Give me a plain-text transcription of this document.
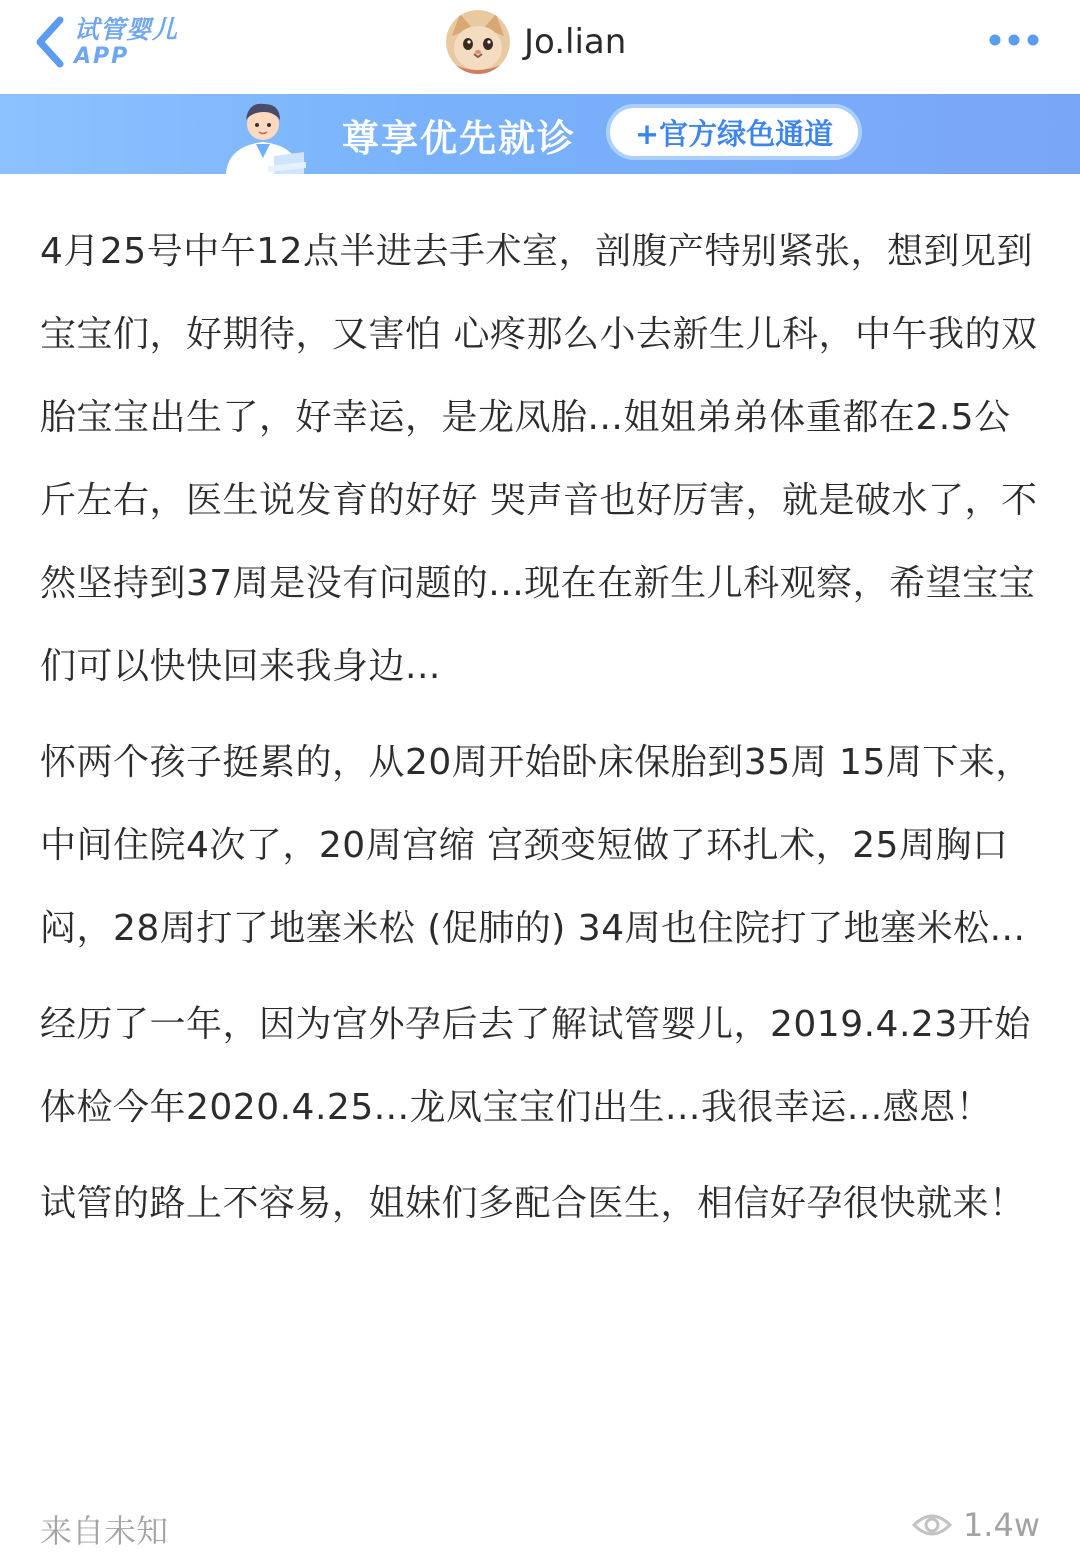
试管婴儿
APP	Jo.lian
尊享优先就诊	+官方绿色通道

4月25号中午12点半进去手术室，剖腹产特别紧张，想到见到宝宝们，好期待，又害怕 心疼那么小去新生儿科，中午我的双胎宝宝出生了，好幸运，是龙凤胎...姐姐弟弟体重都在2.5公斤左右，医生说发育的好好 哭声音也好厉害，就是破水了，不然坚持到37周是没有问题的...现在在新生儿科观察，希望宝宝们可以快快回来我身边...

怀两个孩子挺累的，从20周开始卧床保胎到35周 15周下来，中间住院4次了，20周宫缩 宫颈变短做了环扎术，25周胸口闷，28周打了地塞米松 (促肺的) 34周也住院打了地塞米松...

经历了一年，因为宫外孕后去了解试管婴儿，2019.4.23开始体检今年2020.4.25...龙凤宝宝们出生...我很幸运...感恩！

试管的路上不容易，姐妹们多配合医生，相信好孕很快就来！

来自未知	1.4w
